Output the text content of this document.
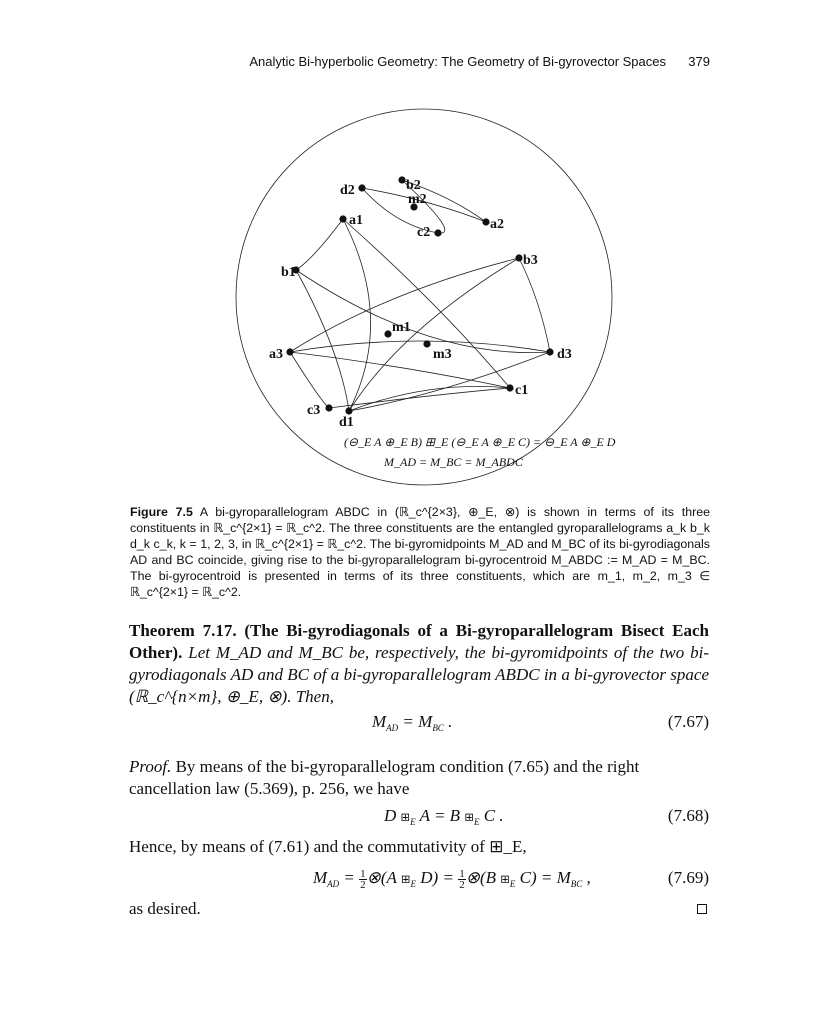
Analytic Bi-hyperbolic Geometry: The Geometry of Bi-gyrovector Spaces 379
d2	b2
m2
a1
c2
a2
b3
b1
m1
m3
a3	d3
c1
c3
d1
(⊖_E A ⊕_E B) ⊞_E (⊖_E A ⊕_E C) = ⊖_E A ⊕_E D
M_AD = M_BC = M_ABDC
Figure 7.5 A bi-gyroparallelogram ABDC in (ℝ_c^{2×3}, ⊕_E, ⊗) is shown in terms of its three constituents in ℝ_c^{2×1} = ℝ_c^2. The three constituents are the entangled gyroparallelograms a_k b_k d_k c_k, k = 1, 2, 3, in ℝ_c^{2×1} = ℝ_c^2. The bi-gyromidpoints M_AD and M_BC of its bi-gyrodiagonals AD and BC coincide, giving rise to the bi-gyroparallelogram bi-gyrocentroid M_ABDC := M_AD = M_BC. The bi-gyrocentroid is presented in terms of its three constituents, which are m_1, m_2, m_3 ∈ ℝ_c^{2×1} = ℝ_c^2.
Theorem 7.17. (The Bi-gyrodiagonals of a Bi-gyroparallelogram Bisect Each Other). Let M_AD and M_BC be, respectively, the bi-gyromidpoints of the two bi-gyrodiagonals AD and BC of a bi-gyroparallelogram ABDC in a bi-gyrovector space (ℝ_c^{n×m}, ⊕_E, ⊗). Then,
$M_{AD} = M_{BC}$ .	(7.67)
Proof. By means of the bi-gyroparallelogram condition (7.65) and the right cancellation law (5.369), p. 256, we have
D $⊞_E$ A = B $⊞_E$ C .	(7.68)
Hence, by means of (7.61) and the commutativity of ⊞_E,
$M_{AD} = \frac{1}{2}$ ⊗(A $⊞_E$ $D) = \frac{1}{2}$ ⊗(B $⊞_E$ $C) = M_{BC}$ ,	(7.69)
as desired.
